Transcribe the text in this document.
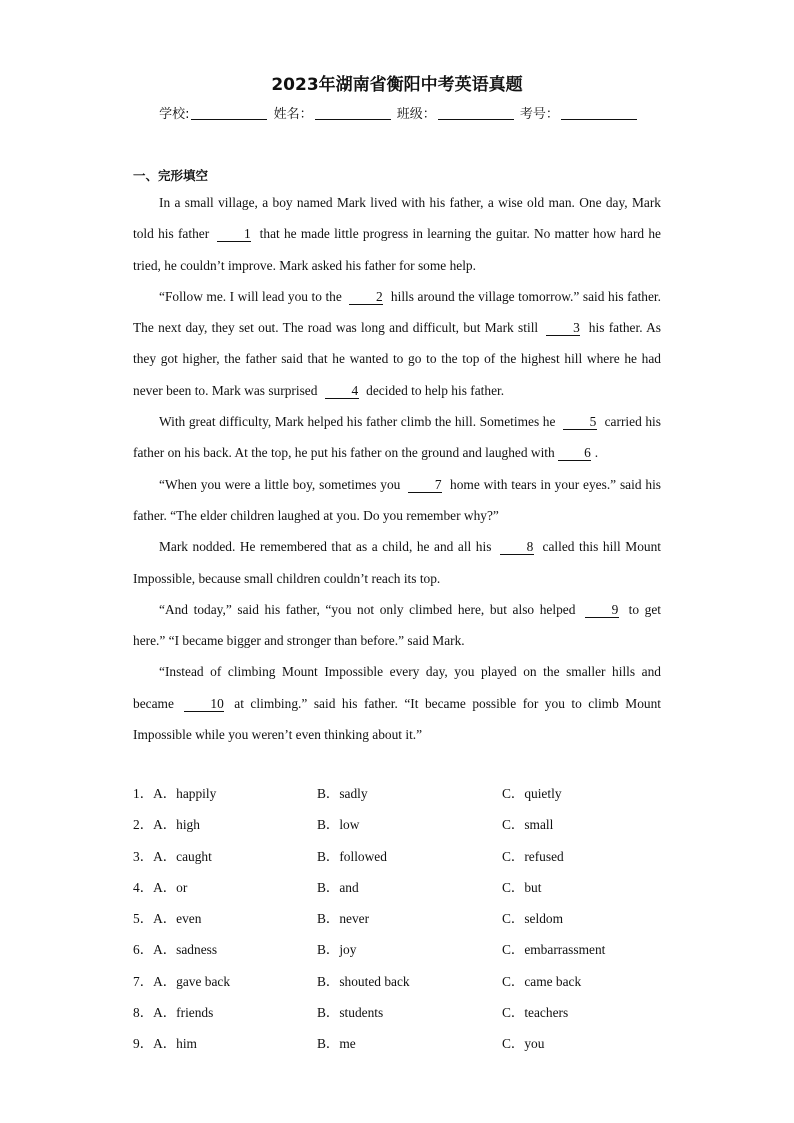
2023年湖南省衡阳中考英语真题
学校:	姓名：	班级：	考号：
一、完形填空

In a small village, a boy named Mark lived with his father, a wise old man. One day, Mark told his father 1 that he made little progress in learning the guitar. No matter how hard he tried, he couldn’t improve. Mark asked his father for some help.

“Follow me. I will lead you to the 2 hills around the village tomorrow.” said his father. The next day, they set out. The road was long and difficult, but Mark still 3 his father. As they got higher, the father said that he wanted to go to the top of the highest hill where he had never been to. Mark was surprised 4 decided to help his father.

With great difficulty, Mark helped his father climb the hill. Sometimes he 5 carried his father on his back. At the top, he put his father on the ground and laughed with 6 .

“When you were a little boy, sometimes you 7 home with tears in your eyes.” said his father. “The elder children laughed at you. Do you remember why?”

Mark nodded. He remembered that as a child, he and all his 8 called this hill Mount Impossible, because small children couldn’t reach its top.

“And today,” said his father, “you not only climbed here, but also helped 9 to get here.” “I became bigger and stronger than before.” said Mark.

“Instead of climbing Mount Impossible every day, you played on the smaller hills and became 10 at climbing.” said his father. “It became possible for you to climb Mount Impossible while you weren’t even thinking about it.”

1．A．happily	B．sadly	C．quietly
2．A．high	B．low	C．small
3．A．caught	B．followed	C．refused
4．A．or	B．and	C．but
5．A．even	B．never	C．seldom
6．A．sadness	B．joy	C．embarrassment
7．A．gave back	B．shouted back	C．came back
8．A．friends	B．students	C．teachers
9．A．him	B．me	C．you
